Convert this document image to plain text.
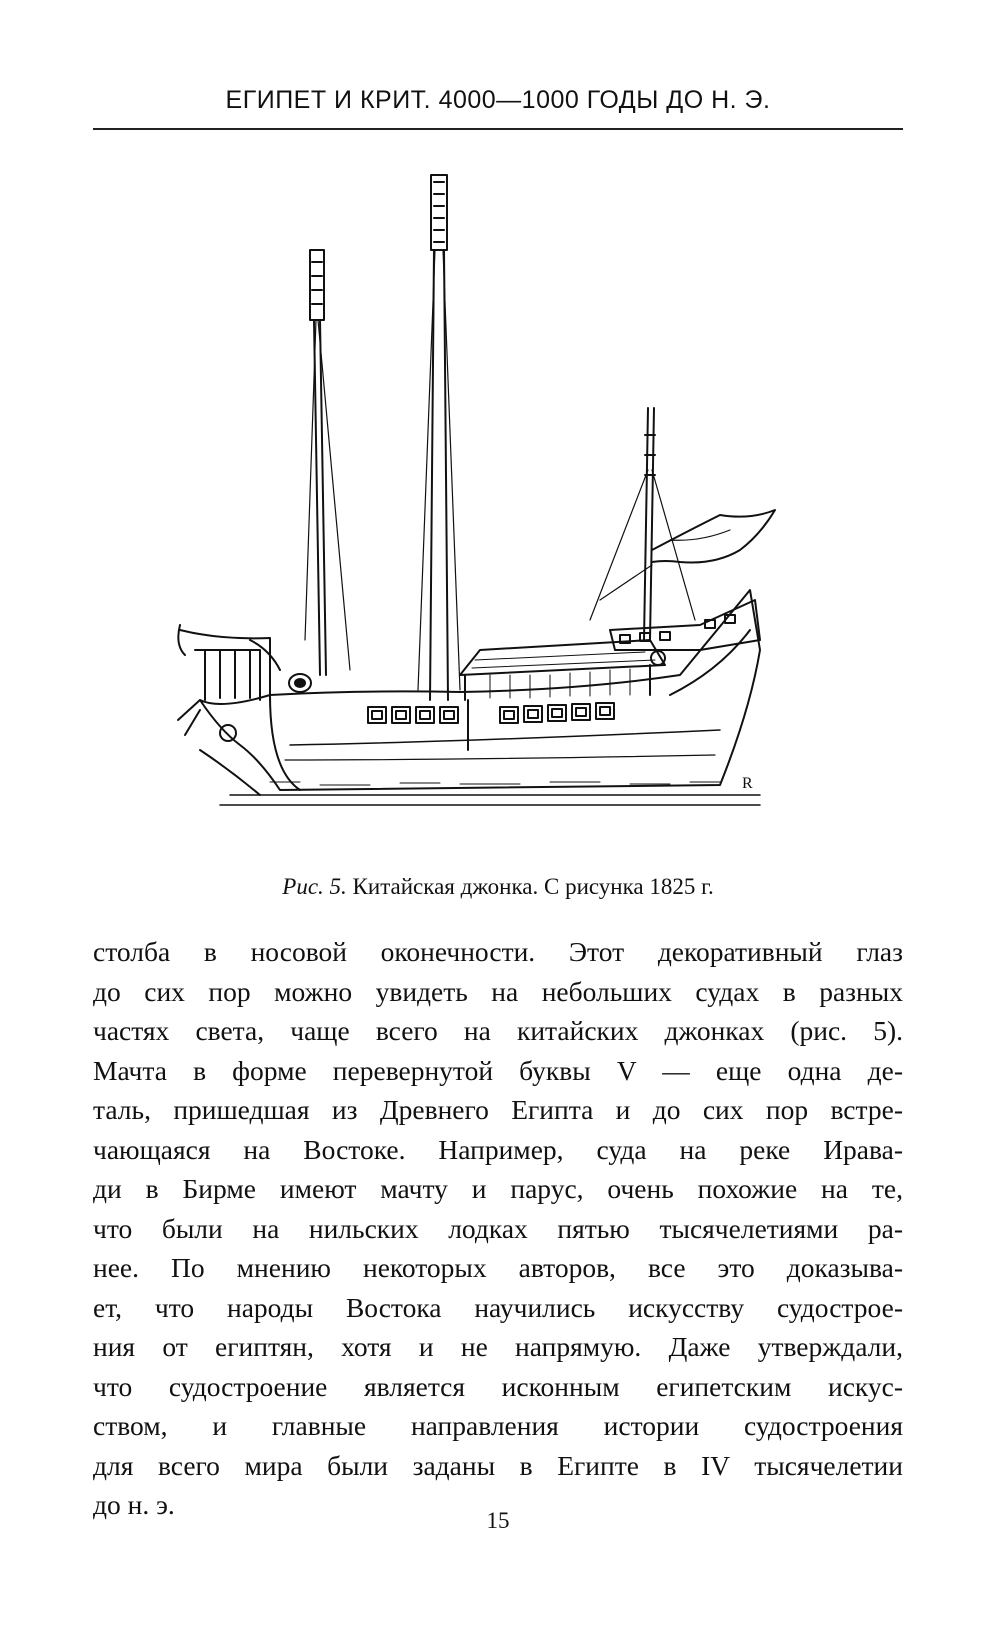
ЕГИПЕТ И КРИТ. 4000—1000 ГОДЫ ДО Н. Э.
R
Рис. 5. Китайская джонка. С рисунка 1825 г.
столба в носовой оконечности. Этот декоративный глаз
до сих пор можно увидеть на небольших судах в разных
частях света, чаще всего на китайских джонках (рис. 5).
Мачта в форме перевернутой буквы V — еще одна де-
таль, пришедшая из Древнего Египта и до сих пор встре-
чающаяся на Востоке. Например, суда на реке Ирава-
ди в Бирме имеют мачту и парус, очень похожие на те,
что были на нильских лодках пятью тысячелетиями ра-
нее. По мнению некоторых авторов, все это доказыва-
ет, что народы Востока научились искусству судострое-
ния от египтян, хотя и не напрямую. Даже утверждали,
что судостроение является исконным египетским искус-
ством, и главные направления истории судостроения
для всего мира были заданы в Египте в IV тысячелетии
до н. э.
15
